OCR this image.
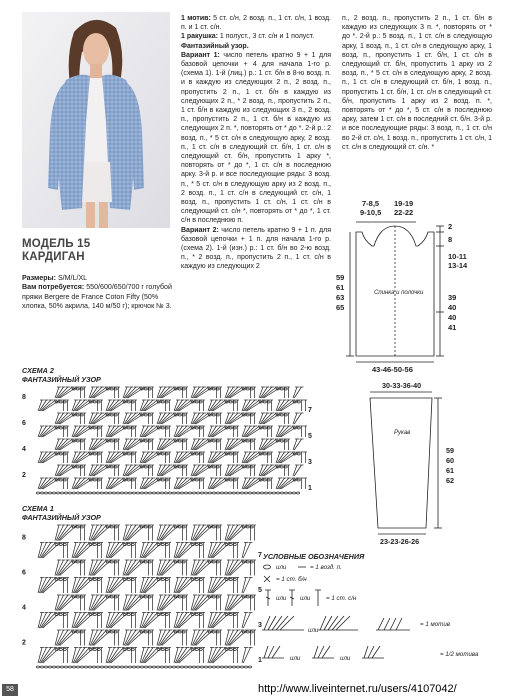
МОДЕЛЬ 15
КАРДИГАН

Размеры: S/M/L/XL

Вам потребуется: 550/600/650/700 г голубой пряжи Bergere de France Coton Fifty (50% хлопка, 50% акрила, 140 м/50 г); крючок № 3.

1 мотив: 5 ст. с/н, 2 возд. п., 1 ст. с/н, 1 возд. п. и 1 ст. с/н.

1 ракушка: 1 полуст., 3 ст. с/н и 1 полуст.

Фантазийный узор.

Вариант 1: число петель кратно 9 + 1 для базовой цепочки + 4 для начала 1-го р. (схема 1). 1-й (лиц.) р.: 1 ст. б/н в 8-ю возд. п. и в каждую из следующих 2 п., 2 возд. п., пропустить 2 п., 1 ст. б/н в каждую из следующих 2 п., * 2 возд. п., пропустить 2 п., 1 ст. б/н в каждую из следующих 3 п., 2 возд. п., пропустить 2 п., 1 ст. б/н в каждую из следующих 2 п. *, повторять от * до *. 2-й р.: 2 возд. п., * 5 ст. с/н в следующую арку, 2 возд. п., 1 ст. с/н в следующий ст. б/н, 1 ст. с/н в следующий ст. б/н, пропустить 1 арку *, повторять от * до *, 1 ст. с/н в последнюю арку. 3-й р. и все последующие ряды: 3 возд. п., * 5 ст. с/н в следующую арку из 2 возд. п., 2 возд. п., 1 ст. с/н в следующий ст. с/н, 1 возд. п., пропустить 1 ст. с/н, 1 ст. с/н в следующий ст. с/н *, повторять от * до *, 1 ст. с/н в последнюю п.

Вариант 2: число петель кратно 9 + 1 п. для базовой цепочки + 1 п. для начала 1-го р. (схема 2). 1-й (изн.) р.: 1 ст. б/н во 2-ю возд. п., * 2 возд. п., пропустить 2 п., 1 ст. с/н в каждую из следующих 2

п., 2 возд. п., пропустить 2 п., 1 ст. б/н в каждую из следующих 3 п. *, повторять от * до *. 2-й р.: 5 возд. п., 1 ст. с/н в следующую арку, 1 возд. п., 1 ст. с/н в следующую арку, 1 возд. п., пропустить 1 ст. б/н, 1 ст. с/н в следующий ст. б/н, пропустить 1 арку из 2 возд. п., * 5 ст. с/н в следующую арку, 2 возд. п., 1 ст. с/н в следующий ст. б/н, 1 возд. п., пропустить 1 ст. б/н, 1 ст. с/н в следующий ст. б/н, пропустить 1 арку из 2 возд. п. *, повторять от * до *, 5 ст. с/н в последнюю арку, затем 1 ст. с/н в последний ст. б/н. 3-й р. и все последующие ряды: 3 возд. п., 1 ст. с/н во 2-й ст. с/н, 1 возд. п., пропустить 1 ст. с/н, 1 ст. с/н в следующий ст. с/н. *

7-8,5
9-10,5
19-19
22-22
2
8
10-11
13-14
39
40
40
41
59
61
63
65
43-46-50-56
Спинка и полочки
30-33-36-40
59
60
61
62
23-23-26-26
Рукав
СХЕМА 2
ФАНТАЗИЙНЫЙ УЗОР
8
6
4
2
7
5
3
1
СХЕМА 1
ФАНТАЗИЙНЫЙ УЗОР
8
6
4
2
7
5
3
1
УСЛОВНЫЕ ОБОЗНАЧЕНИЯ
или	= 1 возд. п.
= 1 ст. б/н
или или	= 1 ст. с/н
или
= 1 мотив
или	или
= 1/2 мотива
58	http://www.liveinternet.ru/users/4107042/
